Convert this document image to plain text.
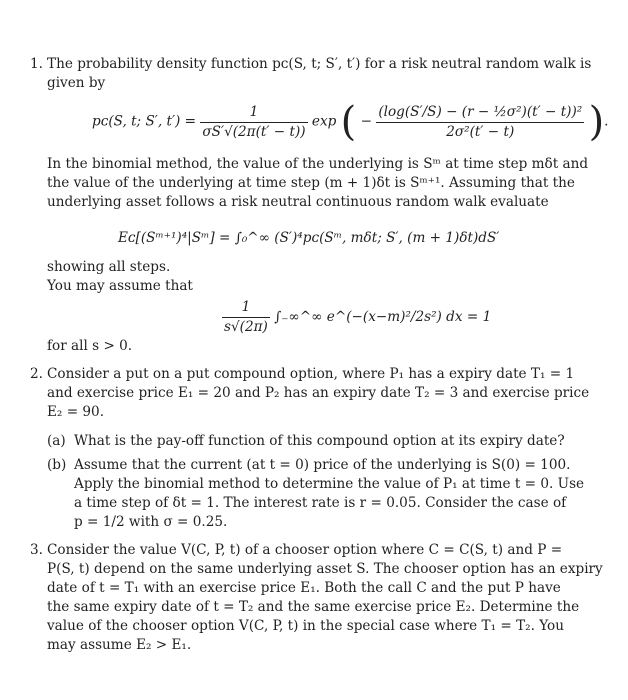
1. The probability density function pᴄ(S, t; S′, t′) for a risk neutral random walk is
given by
pᴄ(S, t; S′, $t') = \frac{1}{\sigma S'√(2\pi(t' - t))}$ exp ( − $\frac{\text{(log(S′/S) − (r − ½σ²)(t′ − t))²}}{\text{2σ²(t′ − t)}}$ ).
In the binomial method, the value of the underlying is Sᵐ at time step mδt and
the value of the underlying at time step (m + 1)δt is Sᵐ⁺¹. Assuming that the
underlying asset follows a risk neutral continuous random walk evaluate
Eᴄ[(Sᵐ⁺¹)⁴|Sᵐ] = ∫₀^∞ (S′)⁴pᴄ(Sᵐ, mδt; S′, (m + 1)δt)dS′
showing all steps.
You may assume that
$\frac{1}{s√(2\pi)}$ ∫₋∞^∞ e^(−(x−m)²/2s²) dx = 1
for all s > 0.
2. Consider a put on a put compound option, where P₁ has a expiry date T₁ = 1
and exercise price E₁ = 20 and P₂ has an expiry date T₂ = 3 and exercise price
E₂ = 90.
(a) What is the pay-off function of this compound option at its expiry date?
(b) Assume that the current (at t = 0) price of the underlying is S(0) = 100.
Apply the binomial method to determine the value of P₁ at time t = 0. Use
a time step of δt = 1. The interest rate is r = 0.05. Consider the case of
p = 1/2 with σ = 0.25.
3. Consider the value V(C, P, t) of a chooser option where C = C(S, t) and P =
P(S, t) depend on the same underlying asset S. The chooser option has an expiry
date of t = T₁ with an exercise price E₁. Both the call C and the put P have
the same expiry date of t = T₂ and the same exercise price E₂. Determine the
value of the chooser option V(C, P, t) in the special case where T₁ = T₂. You
may assume E₂ > E₁.
